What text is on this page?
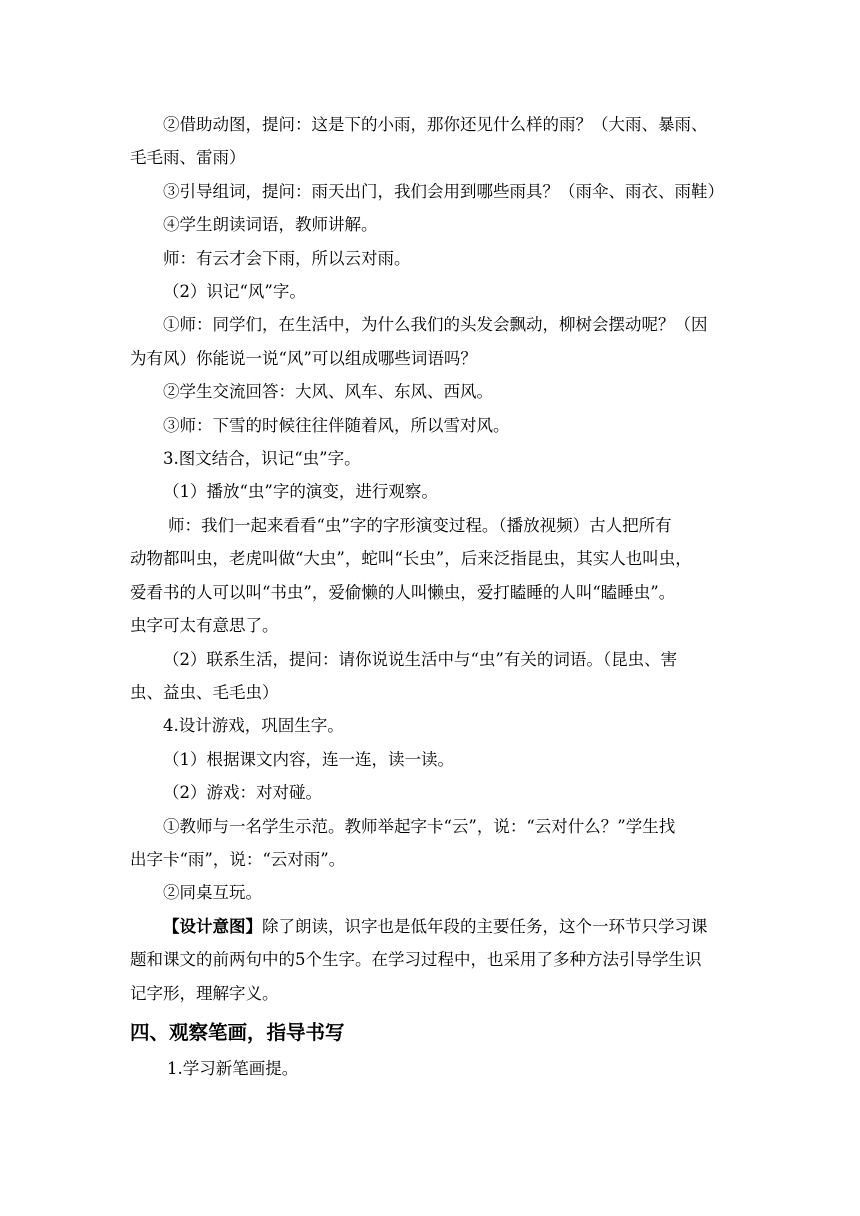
②借助动图，提问：这是下的小雨，那你还见什么样的雨？（大雨、暴雨、

毛毛雨、雷雨）

③引导组词，提问：雨天出门，我们会用到哪些雨具？（雨伞、雨衣、雨鞋）

④学生朗读词语，教师讲解。

师：有云才会下雨，所以云对雨。

（2）识记“风”字。

①师：同学们，在生活中，为什么我们的头发会飘动，柳树会摆动呢？（因

为有风）你能说一说“风”可以组成哪些词语吗？

②学生交流回答：大风、风车、东风、西风。

③师：下雪的时候往往伴随着风，所以雪对风。

3.图文结合，识记“虫”字。

（1）播放“虫”字的演变，进行观察。

师：我们一起来看看“虫”字的字形演变过程。（播放视频）古人把所有

动物都叫虫，老虎叫做“大虫”，蛇叫“长虫”，后来泛指昆虫，其实人也叫虫，

爱看书的人可以叫“书虫”，爱偷懒的人叫懒虫，爱打瞌睡的人叫“瞌睡虫”。

虫字可太有意思了。

（2）联系生活，提问：请你说说生活中与“虫”有关的词语。（昆虫、害

虫、益虫、毛毛虫）

4.设计游戏，巩固生字。

（1）根据课文内容，连一连，读一读。

（2）游戏：对对碰。

①教师与一名学生示范。教师举起字卡“云”，说：“云对什么？”学生找

出字卡“雨”，说：“云对雨”。

②同桌互玩。

【设计意图】除了朗读，识字也是低年段的主要任务，这个一环节只学习课

题和课文的前两句中的5个生字。在学习过程中，也采用了多种方法引导学生识

记字形，理解字义。

四、观察笔画，指导书写

1.学习新笔画提。
